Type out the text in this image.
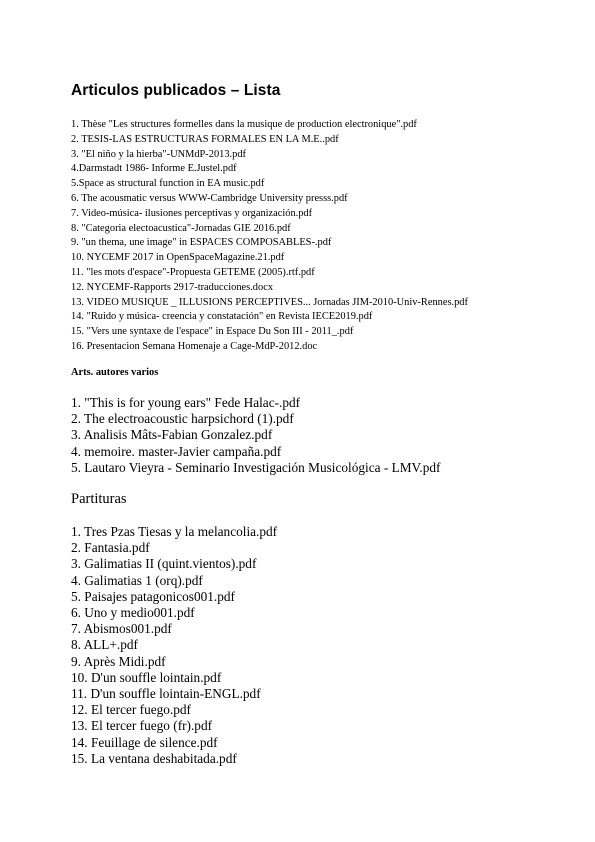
Articulos publicados – Lista
1. Thèse "Les structures formelles dans la musique de production electronique".pdf
2. TESIS-LAS ESTRUCTURAS FORMALES EN LA M.E..pdf
3. "El niño y la hierba"-UNMdP-2013.pdf
4.Darmstadt 1986- Informe E.Justel.pdf
5.Space as structural function in EA music.pdf
6. The acousmatic versus WWW-Cambridge University presss.pdf
7. Video-música- ilusiones perceptivas y organización.pdf
8. "Categoria electoacustica"-Jornadas GIE 2016.pdf
9. "un thema, une image" in ESPACES COMPOSABLES-.pdf
10. NYCEMF 2017 in OpenSpaceMagazine.21.pdf
11. "les mots d'espace"-Propuesta GETEME (2005).rtf.pdf
12. NYCEMF-Rapports 2917-traducciones.docx
13. VIDEO MUSIQUE _ ILLUSIONS PERCEPTIVES... Jornadas JIM-2010-Univ-Rennes.pdf
14. "Ruido y música- creencia y constatación" en Revista IECE2019.pdf
15. "Vers une syntaxe de l'espace" in Espace Du Son III - 2011_.pdf
16. Presentacion Semana Homenaje a Cage-MdP-2012.doc
Arts. autores varios
1. "This is for young ears" Fede Halac-.pdf
2. The electroacoustic harpsichord (1).pdf
3. Analisis Mâts-Fabian Gonzalez.pdf
4. memoire. master-Javier campaña.pdf
5. Lautaro Vieyra - Seminario Investigación Musicológica - LMV.pdf
Partituras
1. Tres Pzas Tiesas y la melancolia.pdf
2. Fantasia.pdf
3. Galimatias II (quint.vientos).pdf
4. Galimatias 1 (orq).pdf
5. Paisajes patagonicos001.pdf
6. Uno y medio001.pdf
7. Abismos001.pdf
8. ALL+.pdf
9. Après Midi.pdf
10. D'un souffle lointain.pdf
11. D'un souffle lointain-ENGL.pdf
12. El tercer fuego.pdf
13. El tercer fuego (fr).pdf
14. Feuillage de silence.pdf
15. La ventana deshabitada.pdf
